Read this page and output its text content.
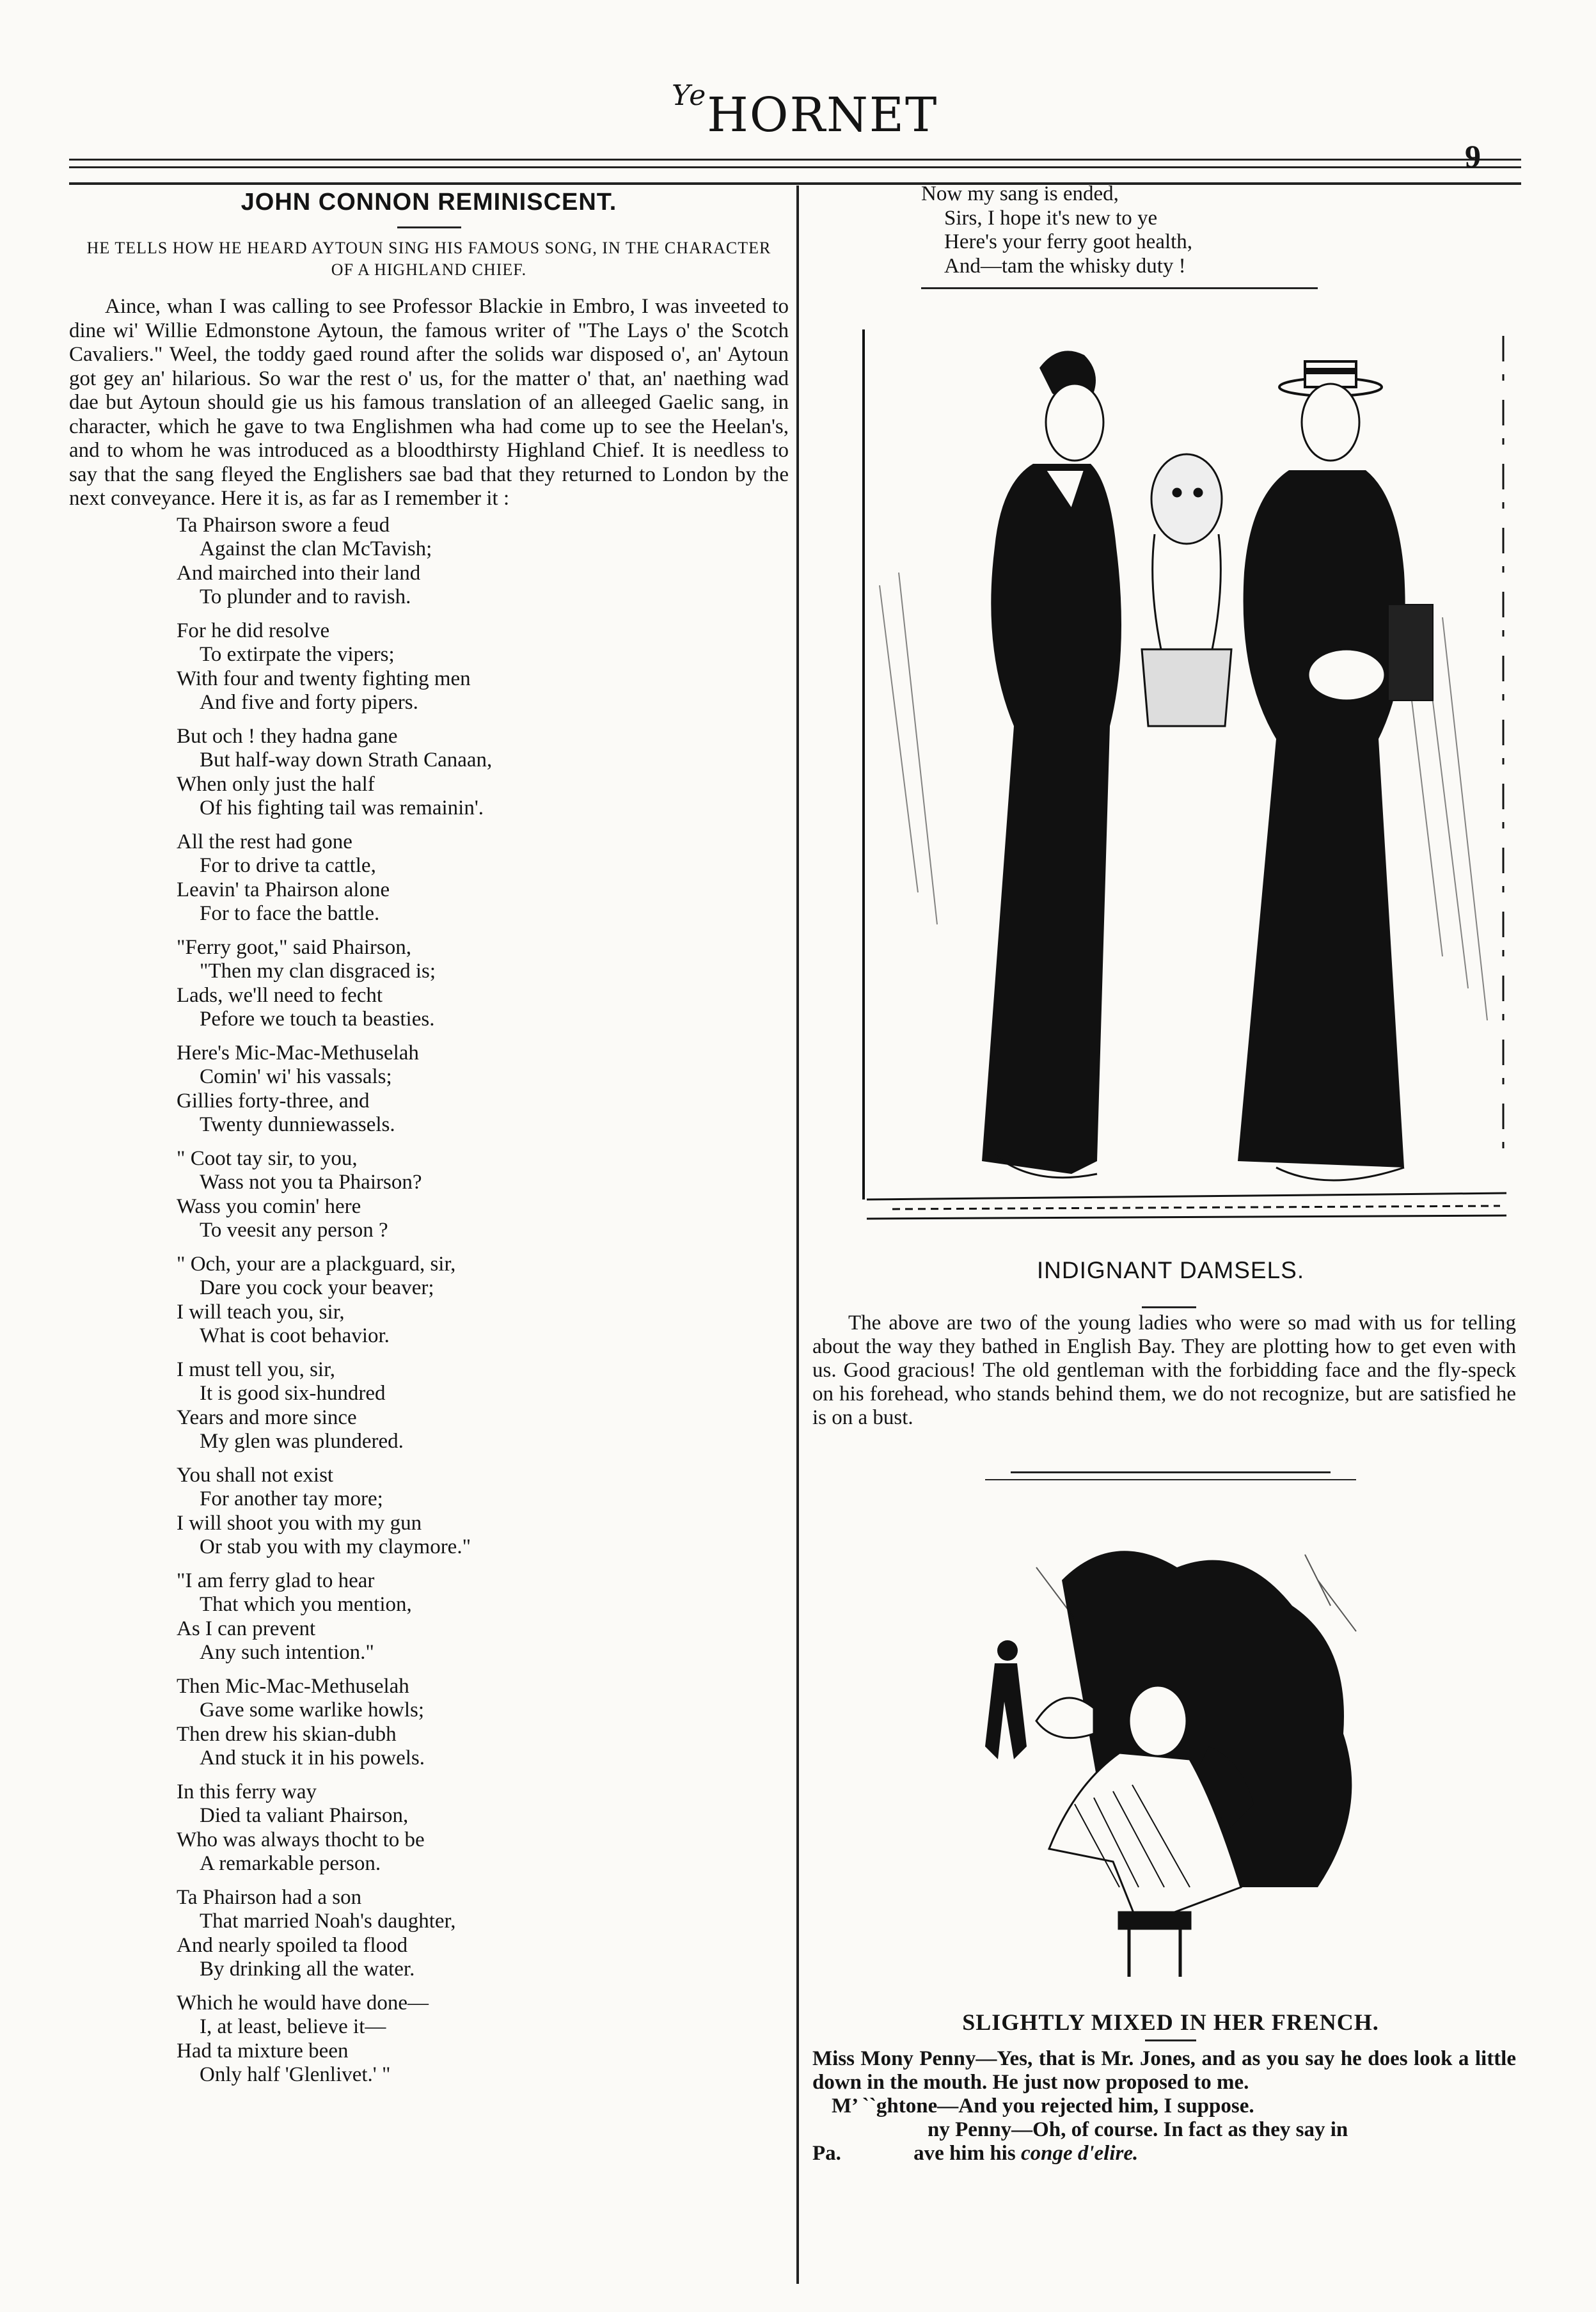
$^{Ye}$HORNET
9
JOHN CONNON REMINISCENT.
HE TELLS HOW HE HEARD AYTOUN SING HIS FAMOUS SONG, IN THE CHARACTER OF A HIGHLAND CHIEF.

Aince, whan I was calling to see Professor Blackie in Embro, I was inveeted to dine wi' Willie Edmonstone Aytoun, the famous writer of "The Lays o' the Scotch Cavaliers." Weel, the toddy gaed round after the solids war disposed o', an' Aytoun got gey an' hilarious. So war the rest o' us, for the matter o' that, an' naething wad dae but Aytoun should gie us his famous translation of an alleeged Gaelic sang, in character, which he gave to twa Englishmen wha had come up to see the Heelan's, and to whom he was introduced as a bloodthirsty Highland Chief. It is needless to say that the sang fleyed the Englishers sae bad that they returned to London by the next conveyance. Here it is, as far as I remember it :

Ta Phairson swore a feud
Against the clan McTavish;
And mairched into their land
To plunder and to ravish.
For he did resolve
To extirpate the vipers;
With four and twenty fighting men
And five and forty pipers.
But och ! they hadna gane
But half-way down Strath Canaan,
When only just the half
Of his fighting tail was remainin'.
All the rest had gone
For to drive ta cattle,
Leavin' ta Phairson alone
For to face the battle.
"Ferry goot," said Phairson,
"Then my clan disgraced is;
Lads, we'll need to fecht
Pefore we touch ta beasties.
Here's Mic-Mac-Methuselah
Comin' wi' his vassals;
Gillies forty-three, and
Twenty dunniewassels.
" Coot tay sir, to you,
Wass not you ta Phairson?
Wass you comin' here
To veesit any person ?
" Och, your are a plackguard, sir,
Dare you cock your beaver;
I will teach you, sir,
What is coot behavior.
I must tell you, sir,
It is good six-hundred
Years and more since
My glen was plundered.
You shall not exist
For another tay more;
I will shoot you with my gun
Or stab you with my claymore."
"I am ferry glad to hear
That which you mention,
As I can prevent
Any such intention."
Then Mic-Mac-Methuselah
Gave some warlike howls;
Then drew his skian-dubh
And stuck it in his powels.
In this ferry way
Died ta valiant Phairson,
Who was always thocht to be
A remarkable person.
Ta Phairson had a son
That married Noah's daughter,
And nearly spoiled ta flood
By drinking all the water.
Which he would have done—
I, at least, believe it—
Had ta mixture been
Only half 'Glenlivet.' "
Now my sang is ended,
Sirs, I hope it's new to ye
Here's your ferry goot health,
And—tam the whisky duty !
INDIGNANT DAMSELS.
The above are two of the young ladies who were so mad with us for telling about the way they bathed in English Bay. They are plotting how to get even with us. Good gracious! The old gentleman with the forbidding face and the fly-speck on his forehead, who stands behind them, we do not recognize, but are satisfied he is on a bust.
SLIGHTLY MIXED IN HER FRENCH.
Miss Mony Penny—Yes, that is Mr. Jones, and as you say he does look a little down in the mouth. He just now proposed to me.
M’ ``ghtone—And you rejected him, I suppose.
ny Penny—Oh, of course. In fact as they say in
Pa.	ave him his conge d'elire.
